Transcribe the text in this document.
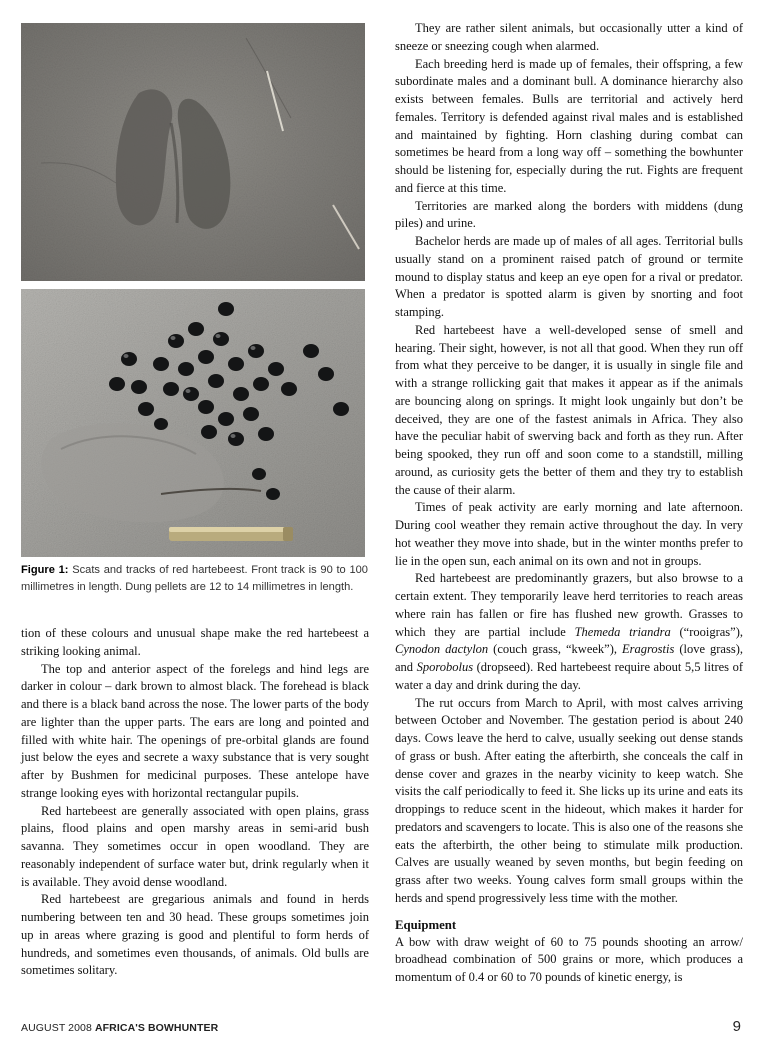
Figure 1: Scats and tracks of red hartebeest. Front track is 90 to 100 millimetres in length. Dung pellets are 12 to 14 millimetres in length.

tion of these colours and unusual shape make the red hartebeest a striking looking animal.

The top and anterior aspect of the forelegs and hind legs are darker in colour – dark brown to almost black. The forehead is black and there is a black band across the nose. The lower parts of the body are lighter than the upper parts. The ears are long and pointed and filled with white hair. The openings of pre-orbital glands are found just below the eyes and secrete a waxy substance that is very sought after by Bushmen for medicinal purposes. These antelope have strange looking eyes with horizontal rectangular pupils.

Red hartebeest are generally associated with open plains, grass plains, flood plains and open marshy areas in semi-arid bush savanna. They sometimes occur in open woodland. They are reasonably independent of surface water but, drink regularly when it is available. They avoid dense woodland.

Red hartebeest are gregarious animals and found in herds numbering between ten and 30 head. These groups sometimes join up in areas where grazing is good and plentiful to form herds of hundreds, and sometimes even thousands, of animals. Old bulls are sometimes solitary.

They are rather silent animals, but occasionally utter a kind of sneeze or sneezing cough when alarmed.

Each breeding herd is made up of females, their offspring, a few subordinate males and a dominant bull. A dominance hierarchy also exists between females. Bulls are territorial and actively herd females. Territory is defended against rival males and is established and maintained by fighting. Horn clashing during combat can sometimes be heard from a long way off – something the bowhunter should be listening for, especially during the rut. Fights are frequent and fierce at this time.

Territories are marked along the borders with middens (dung piles) and urine.

Bachelor herds are made up of males of all ages. Territorial bulls usually stand on a prominent raised patch of ground or termite mound to display status and keep an eye open for a rival or predator. When a predator is spotted alarm is given by snorting and foot stamping.

Red hartebeest have a well-developed sense of smell and hearing. Their sight, however, is not all that good. When they run off from what they perceive to be danger, it is usually in single file and with a strange rollicking gait that makes it appear as if the animals are bouncing along on springs. It might look ungainly but don’t be deceived, they are one of the fastest animals in Africa. They also have the peculiar habit of swerving back and forth as they run. After being spooked, they run off and soon come to a standstill, milling around, as curiosity gets the better of them and they try to establish the cause of their alarm.

Times of peak activity are early morning and late afternoon. During cool weather they remain active throughout the day. In very hot weather they move into shade, but in the winter months prefer to lie in the open sun, each animal on its own and not in groups.

Red hartebeest are predominantly grazers, but also browse to a certain extent. They temporarily leave herd territories to reach areas where rain has fallen or fire has flushed new growth. Grasses to which they are partial include Themeda triandra (“rooigras”), Cynodon dactylon (couch grass, “kweek”), Eragrostis (love grass), and Sporobolus (dropseed). Red hartebeest require about 5,5 litres of water a day and drink during the day.

The rut occurs from March to April, with most calves arriving between October and November. The gestation period is about 240 days. Cows leave the herd to calve, usually seeking out dense stands of grass or bush. After eating the afterbirth, she conceals the calf in dense cover and grazes in the nearby vicinity to keep watch. She visits the calf periodically to feed it. She licks up its urine and eats its droppings to reduce scent in the hideout, which makes it harder for predators and scavengers to locate. This is also one of the reasons she eats the afterbirth, the other being to stimulate milk production. Calves are usually weaned by seven months, but begin feeding on grass after two weeks. Young calves form small groups within the herds and spend progressively less time with the mother.

Equipment

A bow with draw weight of 60 to 75 pounds shooting an arrow/ broadhead combination of 500 grains or more, which produces a momentum of 0.4 or 60 to 70 pounds of kinetic energy, is

AUGUST 2008 AFRICA'S BOWHUNTER	9
